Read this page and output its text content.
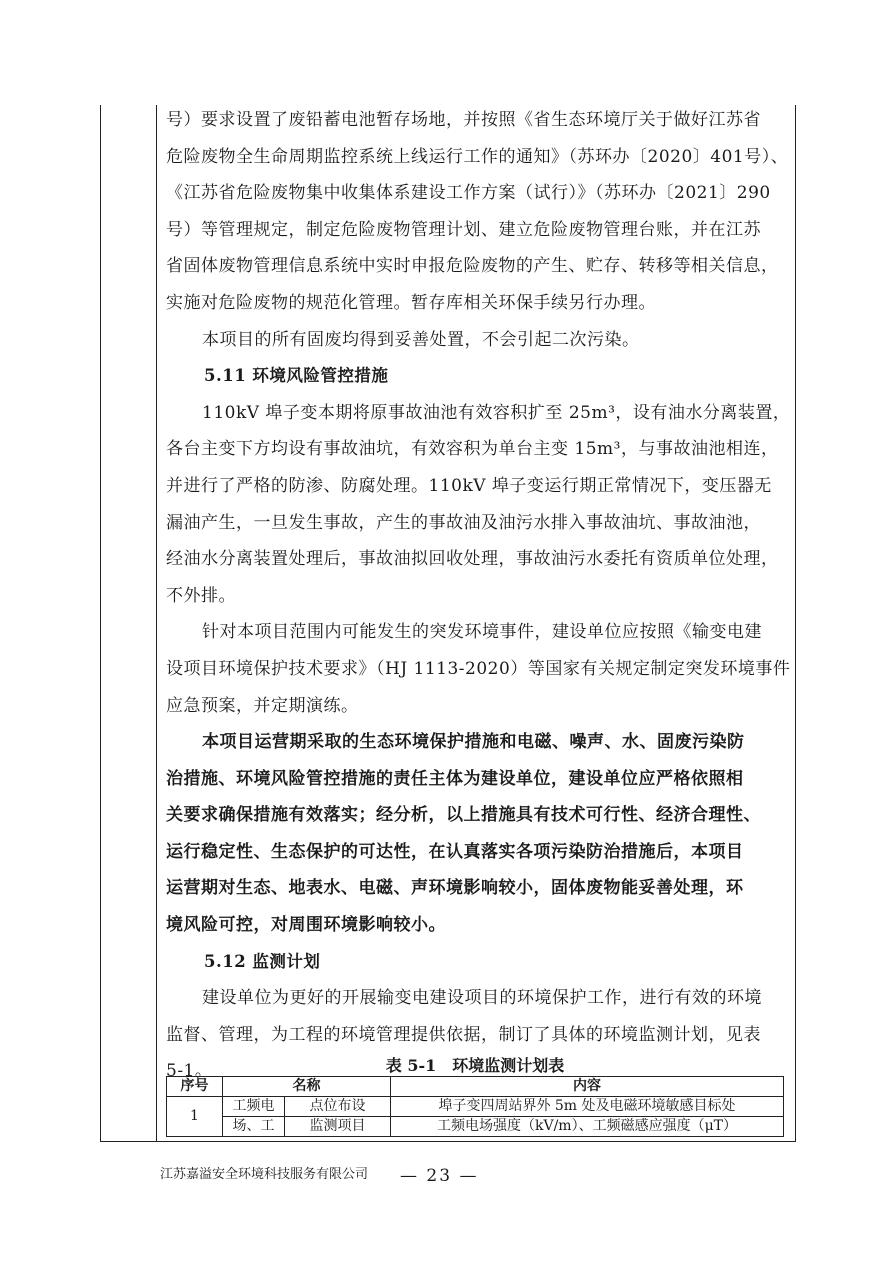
号）要求设置了废铅蓄电池暂存场地，并按照《省生态环境厅关于做好江苏省
危险废物全生命周期监控系统上线运行工作的通知》（苏环办〔2020〕401号）、
《江苏省危险废物集中收集体系建设工作方案（试行）》（苏环办〔2021〕290
号）等管理规定，制定危险废物管理计划、建立危险废物管理台账，并在江苏
省固体废物管理信息系统中实时申报危险废物的产生、贮存、转移等相关信息，
实施对危险废物的规范化管理。暂存库相关环保手续另行办理。
本项目的所有固废均得到妥善处置，不会引起二次污染。
5.11 环境风险管控措施
110kV 埠子变本期将原事故油池有效容积扩至 25m³，设有油水分离装置，
各台主变下方均设有事故油坑，有效容积为单台主变 15m³，与事故油池相连，
并进行了严格的防渗、防腐处理。110kV 埠子变运行期正常情况下，变压器无
漏油产生，一旦发生事故，产生的事故油及油污水排入事故油坑、事故油池，
经油水分离装置处理后，事故油拟回收处理，事故油污水委托有资质单位处理，
不外排。
针对本项目范围内可能发生的突发环境事件，建设单位应按照《输变电建
设项目环境保护技术要求》（HJ 1113-2020）等国家有关规定制定突发环境事件
应急预案，并定期演练。
本项目运营期采取的生态环境保护措施和电磁、噪声、水、固废污染防
治措施、环境风险管控措施的责任主体为建设单位，建设单位应严格依照相
关要求确保措施有效落实；经分析，以上措施具有技术可行性、经济合理性、
运行稳定性、生态保护的可达性，在认真落实各项污染防治措施后，本项目
运营期对生态、地表水、电磁、声环境影响较小，固体废物能妥善处理，环
境风险可控，对周围环境影响较小。
5.12 监测计划
建设单位为更好的开展输变电建设项目的环境保护工作，进行有效的环境
监督、管理，为工程的环境管理提供依据，制订了具体的环境监测计划，见表
5-1。	表 5-1　环境监测计划表
序号	名称		内容
1	工频电	点位布设	埠子变四周站界外 5m 处及电磁环境敏感目标处
	场、工	监测项目	工频电场强度（kV/m）、工频磁感应强度（μT）
江苏嘉溢安全环境科技服务有限公司 — 23 —
